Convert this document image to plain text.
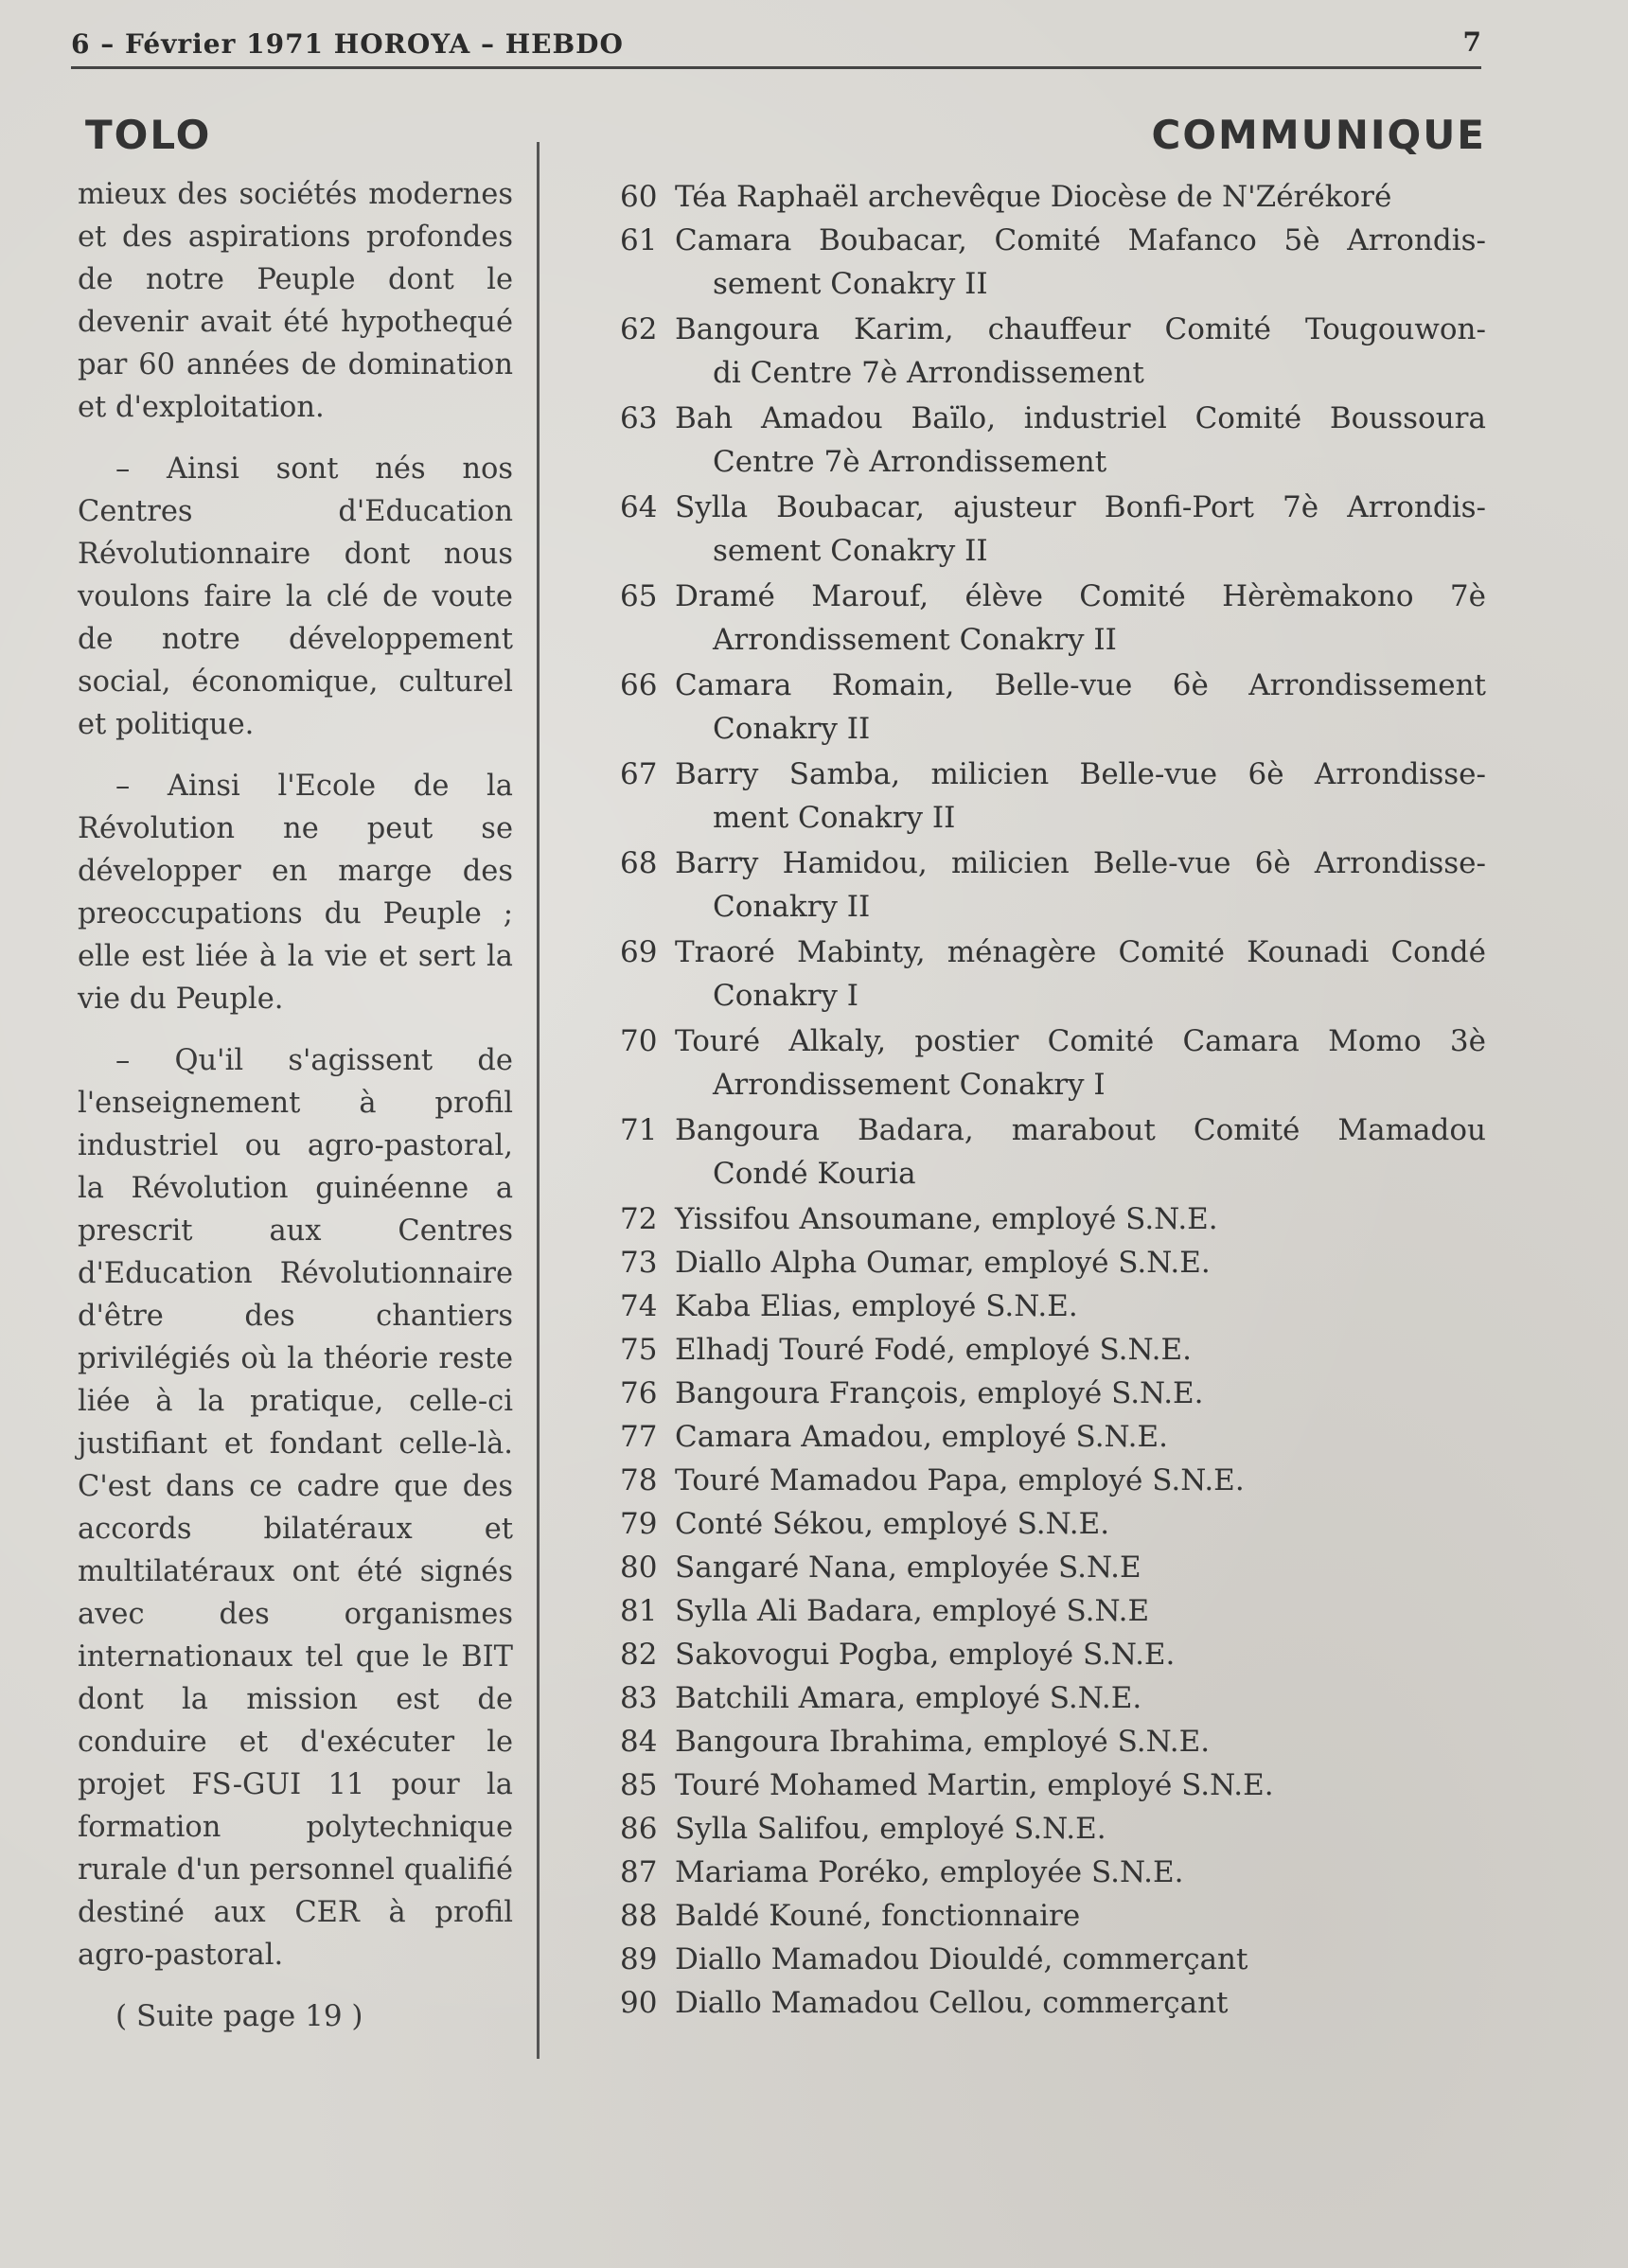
6 – Février 1971 HOROYA – HEBDO	7
TOLO	COMMUNIQUE

mieux des sociétés modernes et des aspirations profondes de notre Peuple dont le devenir avait été hypothequé par 60 années de domination et d'exploitation.

– Ainsi sont nés nos Centres d'Education Révolutionnaire dont nous voulons faire la clé de voute de notre développement social, économique, culturel et politique.

– Ainsi l'Ecole de la Révolution ne peut se développer en marge des preoccupations du Peuple ; elle est liée à la vie et sert la vie du Peuple.

– Qu'il s'agissent de l'enseignement à profil industriel ou agro-pastoral, la Révolution guinéenne a prescrit aux Centres d'Education Révolutionnaire d'être des chantiers privilégiés où la théorie reste liée à la pratique, celle-ci justifiant et fondant celle-là. C'est dans ce cadre que des accords bilatéraux et multilatéraux ont été signés avec des organismes internationaux tel que le BIT dont la mission est de conduire et d'exécuter le projet FS-GUI 11 pour la formation polytechnique rurale d'un personnel qualifié destiné aux CER à profil agro-pastoral.

( Suite page 19 )
60 Téa Raphaël archevêque Diocèse de N'Zérékoré
61 Camara Boubacar, Comité Mafanco 5è Arrondis-
sement Conakry II
62 Bangoura Karim, chauffeur Comité Tougouwon-
di Centre 7è Arrondissement
63 Bah Amadou Baïlo, industriel Comité Boussoura
Centre 7è Arrondissement
64 Sylla Boubacar, ajusteur Bonfi-Port 7è Arrondis-
sement Conakry II
65 Dramé Marouf, élève Comité Hèrèmakono 7è
Arrondissement Conakry II
66 Camara Romain, Belle-vue 6è Arrondissement
Conakry II
67 Barry Samba, milicien Belle-vue 6è Arrondisse-
ment Conakry II
68 Barry Hamidou, milicien Belle-vue 6è Arrondisse-
Conakry II
69 Traoré Mabinty, ménagère Comité Kounadi Condé
Conakry I
70 Touré Alkaly, postier Comité Camara Momo 3è
Arrondissement Conakry I
71 Bangoura Badara, marabout Comité Mamadou
Condé Kouria
72 Yissifou Ansoumane, employé S.N.E.
73 Diallo Alpha Oumar, employé S.N.E.
74 Kaba Elias, employé S.N.E.
75 Elhadj Touré Fodé, employé S.N.E.
76 Bangoura François, employé S.N.E.
77 Camara Amadou, employé S.N.E.
78 Touré Mamadou Papa, employé S.N.E.
79 Conté Sékou, employé S.N.E.
80 Sangaré Nana, employée S.N.E
81 Sylla Ali Badara, employé S.N.E
82 Sakovogui Pogba, employé S.N.E.
83 Batchili Amara, employé S.N.E.
84 Bangoura Ibrahima, employé S.N.E.
85 Touré Mohamed Martin, employé S.N.E.
86 Sylla Salifou, employé S.N.E.
87 Mariama Poréko, employée S.N.E.
88 Baldé Kouné, fonctionnaire
89 Diallo Mamadou Diouldé, commerçant
90 Diallo Mamadou Cellou, commerçant
